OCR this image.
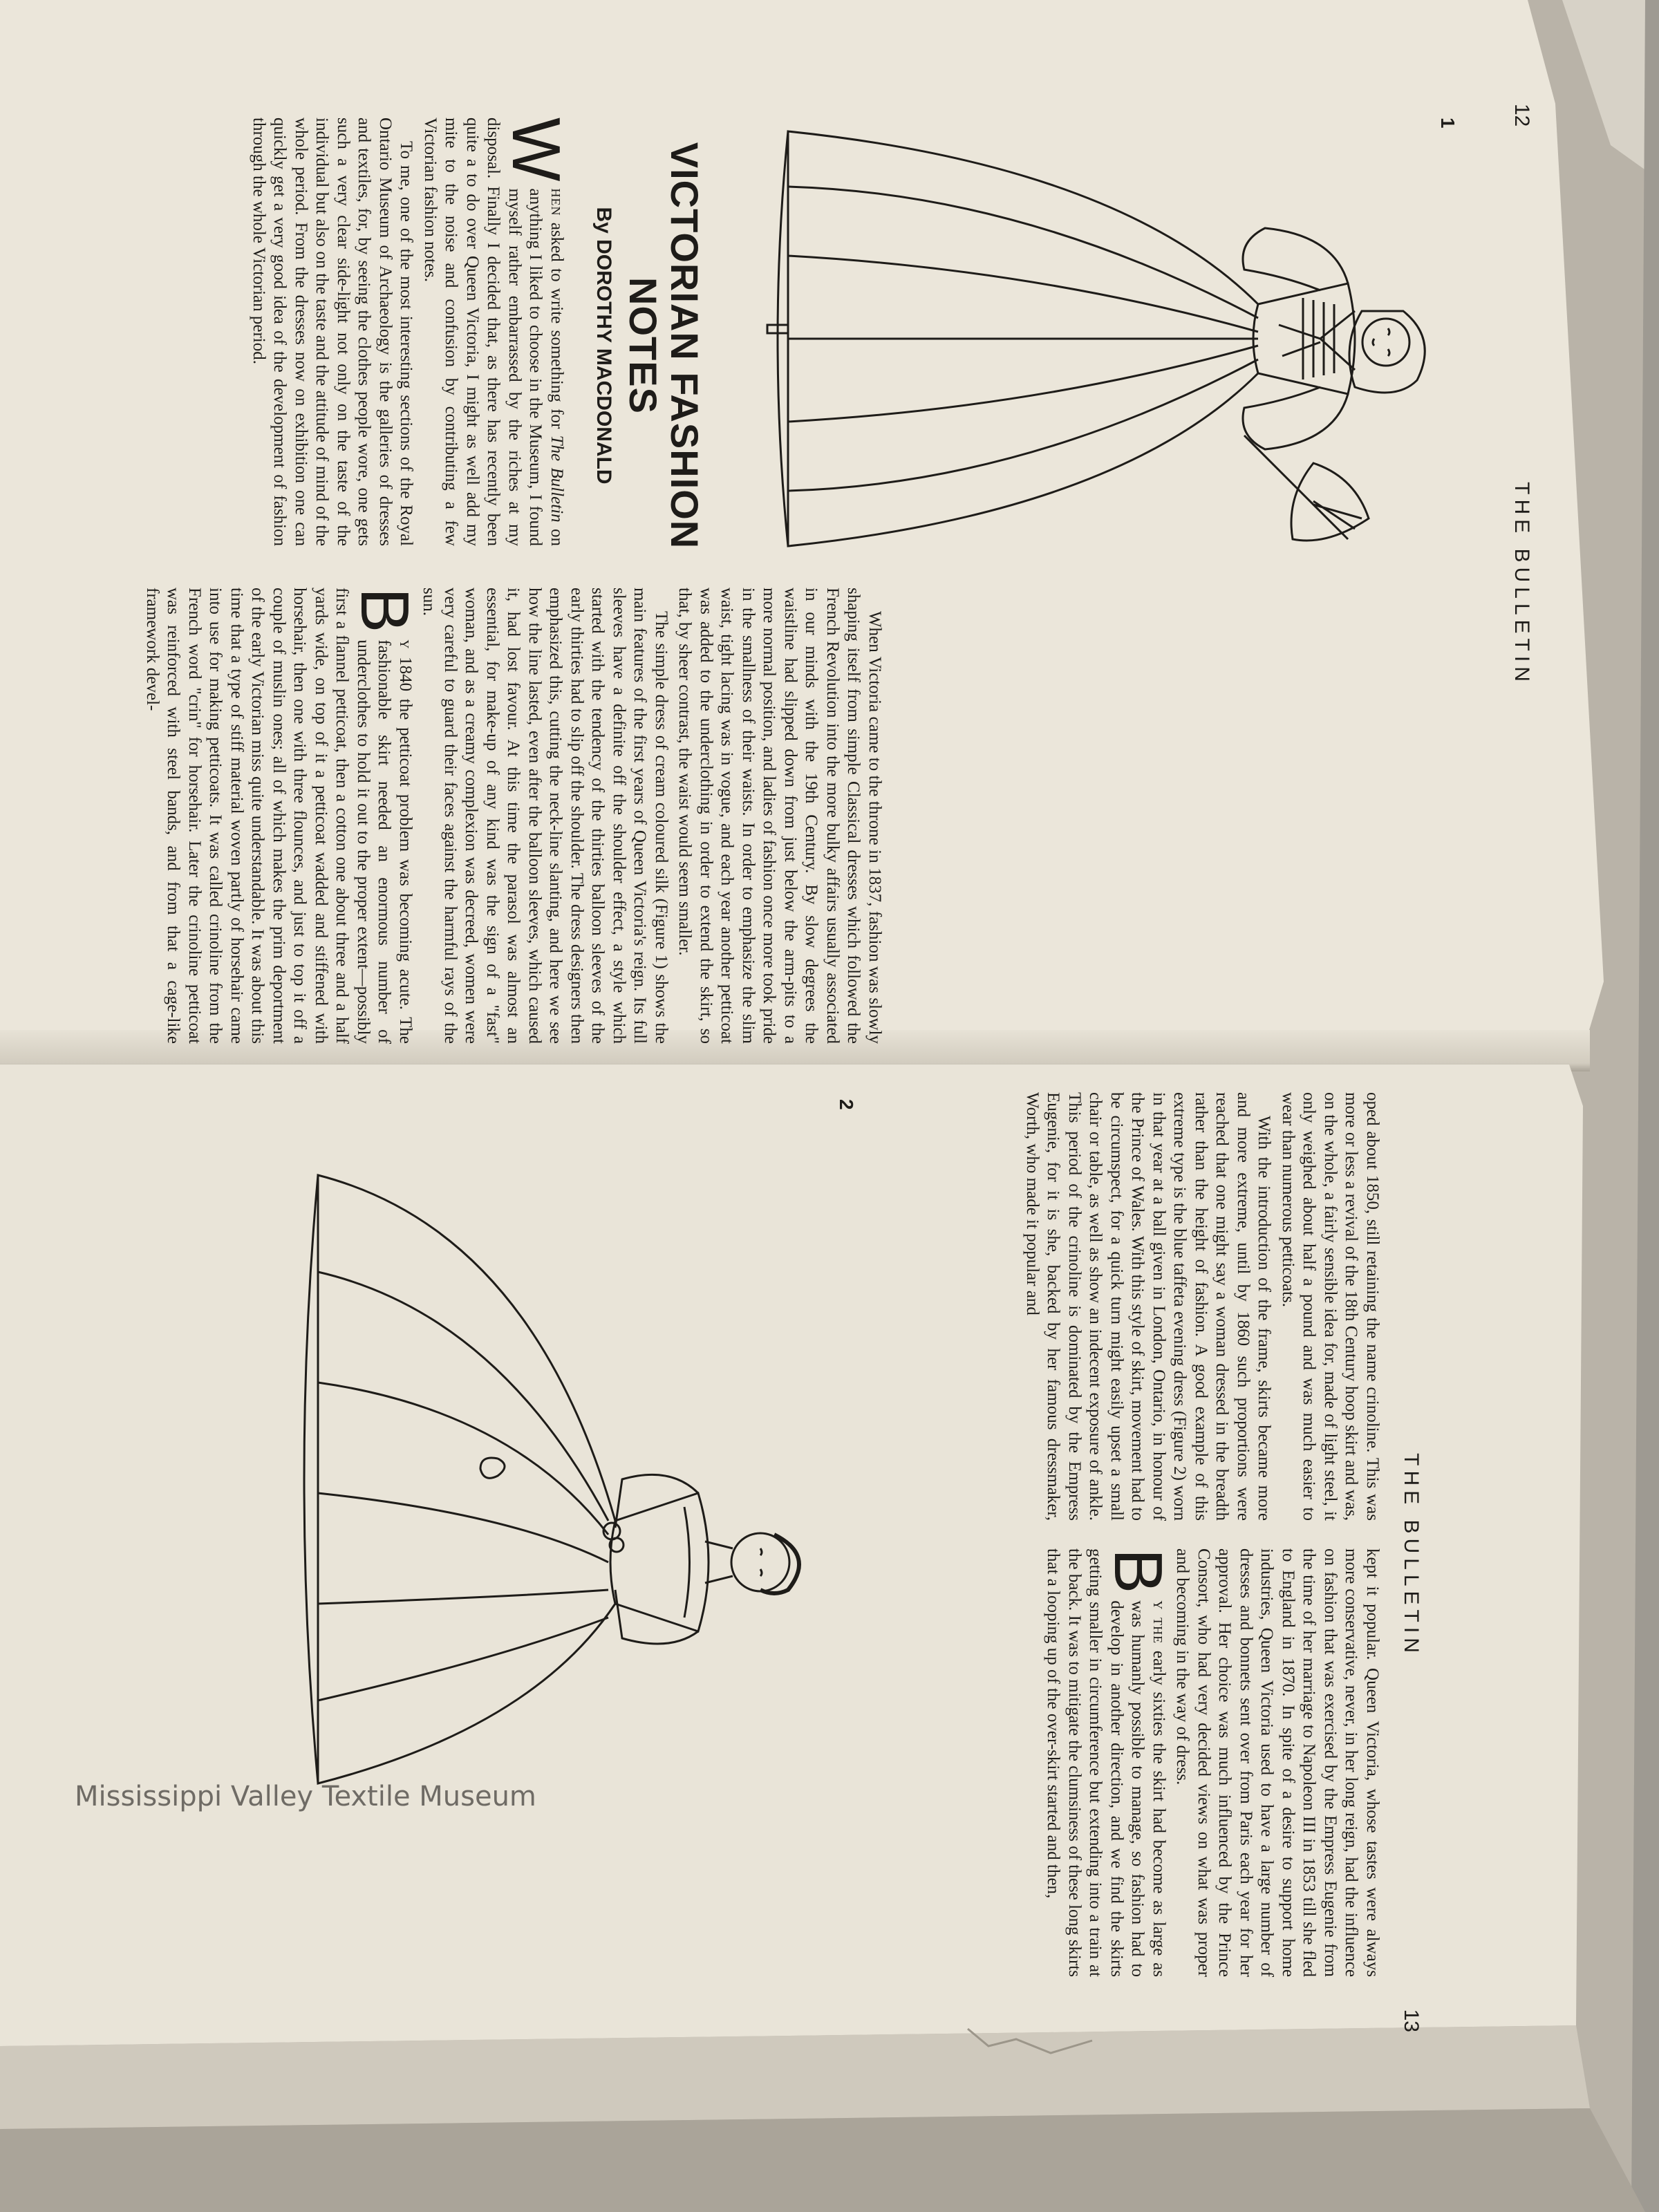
12
THE BULLETIN
1
VICTORIAN FASHION
NOTES
By DOROTHY MACDONALD

W
hen asked to write something for The Bulletin on anything I liked to choose in the Museum, I found myself rather embarrassed by the riches at my disposal. Finally I decided that, as there has recently been quite a to do over Queen Victoria, I might as well add my mite to the noise and confusion by contributing a few Victorian fashion notes.

To me, one of the most interesting sections of the Royal Ontario Museum of Archaeology is the galleries of dresses and textiles, for, by seeing the clothes people wore, one gets such a very clear side-light not only on the taste of the individual but also on the taste and the attitude of mind of the whole period. From the dresses now on exhibition one can quickly get a very good idea of the development of fashion through the whole Victorian period.

When Victoria came to the throne in 1837, fashion was slowly shaping itself from simple Classical dresses which followed the French Revolution into the more bulky affairs usually associated in our minds with the 19th Century. By slow degrees the waistline had slipped down from just below the arm-pits to a more normal position, and ladies of fashion once more took pride in the smallness of their waists. In order to emphasize the slim waist, tight lacing was in vogue, and each year another petticoat was added to the underclothing in order to extend the skirt, so that, by sheer contrast, the waist would seem smaller.

The simple dress of cream coloured silk (Figure 1) shows the main features of the first years of Queen Victoria's reign. Its full sleeves have a definite off the shoulder effect, a style which started with the tendency of the thirties balloon sleeves of the early thirties had to slip off the shoulder. The dress designers then emphasized this, cutting the neck-line slanting, and here we see how the line lasted, even after the balloon sleeves, which caused it, had lost favour. At this time the parasol was almost an essential, for make-up of any kind was the sign of a "fast" woman, and as a creamy complexion was decreed, women were very careful to guard their faces against the harmful rays of the sun.

B
y 1840 the petticoat problem was becoming acute. The fashionable skirt needed an enormous number of underclothes to hold it out to the proper extent—possibly first a flannel petticoat, then a cotton one about three and a half yards wide, on top of it a petticoat wadded and stiffened with horsehair, then one with three flounces, and just to top it off a couple of muslin ones; all of which makes the prim deportment of the early Victorian miss quite understandable. It was about this time that a type of stiff material woven partly of horsehair came into use for making petticoats. It was called crinoline from the French word "crin" for horsehair. Later the crinoline petticoat was reinforced with steel bands, and from that a cage-like framework devel-

THE BULLETIN
13

oped about 1850, still retaining the name crinoline. This was more or less a revival of the 18th Century hoop skirt and was, on the whole, a fairly sensible idea for, made of light steel, it only weighed about half a pound and was much easier to wear than numerous petticoats.

With the introduction of the frame, skirts became more and more extreme, until by 1860 such proportions were reached that one might say a woman dressed in the breadth rather than the height of fashion. A good example of this extreme type is the blue taffeta evening dress (Figure 2) worn in that year at a ball given in London, Ontario, in honour of the Prince of Wales. With this style of skirt, movement had to be circumspect, for a quick turn might easily upset a small chair or table, as well as show an indecent exposure of ankle. This period of the crinoline is dominated by the Empress Eugenie, for it is she, backed by her famous dressmaker, Worth, who made it popular and

kept it popular. Queen Victoria, whose tastes were always more conservative, never, in her long reign, had the influence on fashion that was exercised by the Empress Eugenie from the time of her marriage to Napoleon III in 1853 till she fled to England in 1870. In spite of a desire to support home industries, Queen Victoria used to have a large number of dresses and bonnets sent over from Paris each year for her approval. Her choice was much influenced by the Prince Consort, who had very decided views on what was proper and becoming in the way of dress.

B
y the early sixties the skirt had become as large as was humanly possible to manage, so fashion had to develop in another direction, and we find the skirts getting smaller in circumference but extending into a train at the back. It was to mitigate the clumsiness of these long skirts that a looping up of the over-skirt started and then,

2
Mississippi Valley Textile Museum
